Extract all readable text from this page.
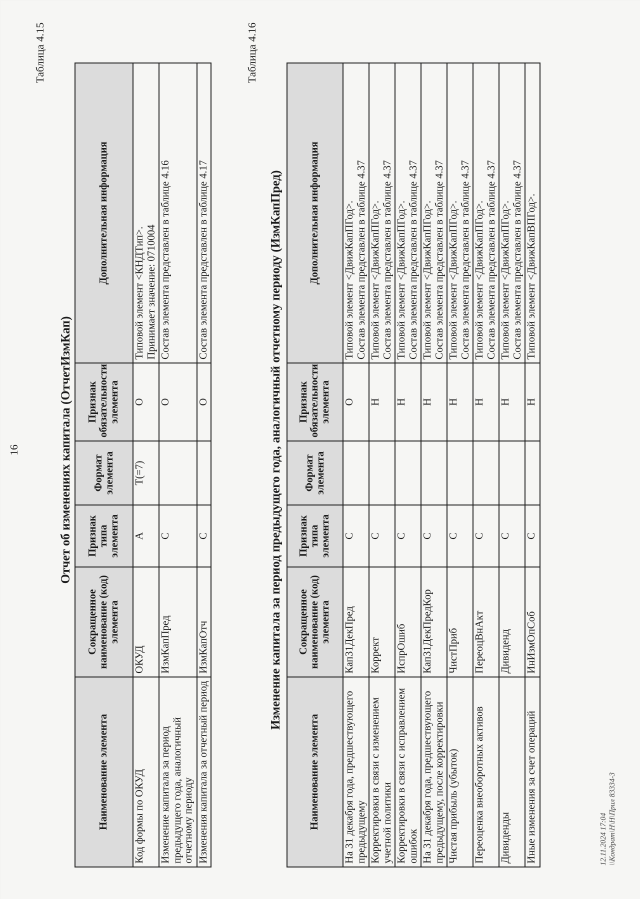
16
Таблица 4.15
Отчет об изменениях капитала (ОтчетИзмКап)
Наименование элемента	Сокращенное наименование (код) элемента	Признак типа элемента	Формат элемента	Признак обязательности элемента	Дополнительная информация
Код формы по ОКУД	ОКУД	А	T(=7)	О	Типовой элемент <КНДТип>.
Принимает значение: 0710004
Изменение капитала за период предыдущего года, аналогичный отчетному периоду	ИзмКапПред	С		О	Состав элемента представлен в таблице 4.16
Изменения капитала за отчетный период	ИзмКапОтч	С		О	Состав элемента представлен в таблице 4.17
Таблица 4.16
Изменение капитала за период предыдущего года, аналогичный отчетному периоду (ИзмКапПред)
Наименование элемента	Сокращенное наименование (код) элемента	Признак типа элемента	Формат элемента	Признак обязательности элемента	Дополнительная информация
На 31 декабря года, предшествующего предыдущему	Кап31ДекПред	С		О	Типовой элемент <ДвижКапПГод>.
Состав элемента представлен в таблице 4.37
Корректировки в связи с изменением учетной политики	Коррект	С		Н	Типовой элемент <ДвижКапПГод>.
Состав элемента представлен в таблице 4.37
Корректировки в связи с исправлением ошибок	ИспрОшиб	С		Н	Типовой элемент <ДвижКапПГод>.
Состав элемента представлен в таблице 4.37
На 31 декабря года, предшествующего предыдущему, после корректировки	Кап31ДекПредКор	С		Н	Типовой элемент <ДвижКапПГод>.
Состав элемента представлен в таблице 4.37
Чистая прибыль (убыток)	ЧистПриб	С		Н	Типовой элемент <ДвижКапПГод>.
Состав элемента представлен в таблице 4.37
Переоценка внеоборотных активов	ПереоцВнАкт	С		Н	Типовой элемент <ДвижКапПГод>.
Состав элемента представлен в таблице 4.37
Дивиденды	Дивиденд	С		Н	Типовой элемент <ДвижКапПГод>.
Состав элемента представлен в таблице 4.37
Иные изменения за счет операций	ИнИзмОпСоб	С		Н	Типовой элемент <ДвижКапВПГод>.
12.11.2024 17:04 \\Кондрат\Н\Н\Прил 83334-3
